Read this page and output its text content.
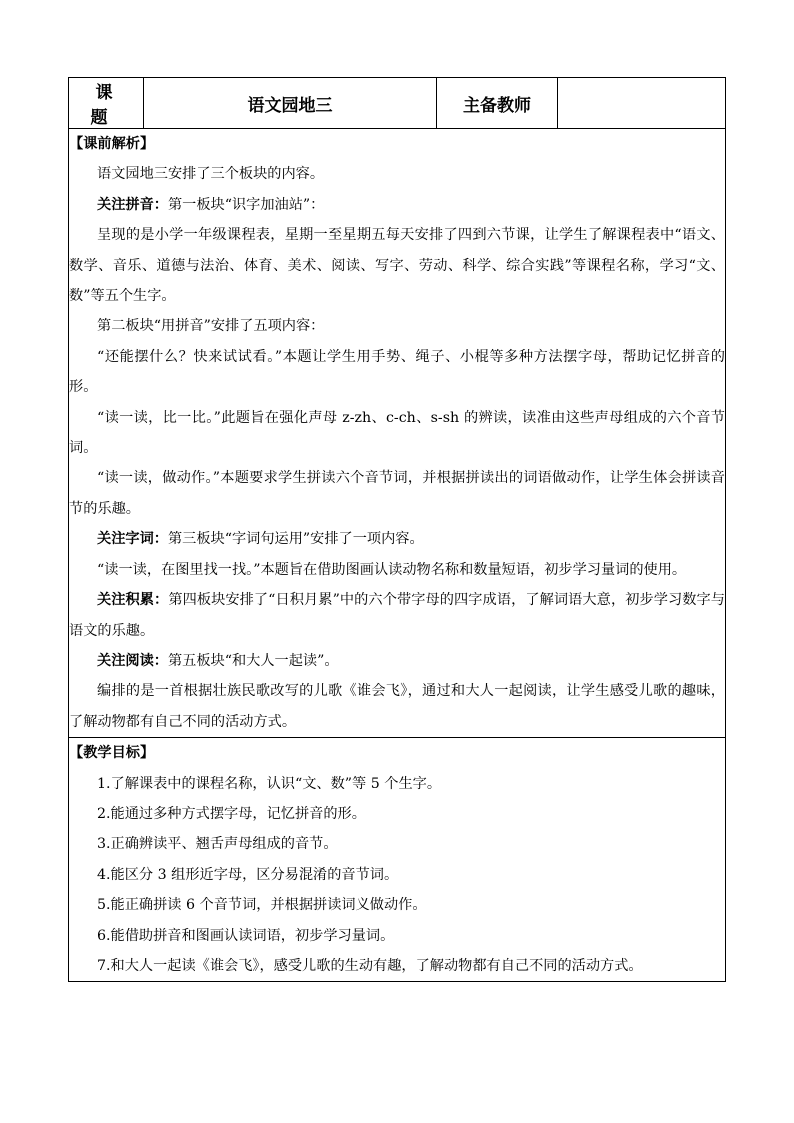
课 题	语文园地三	主备教师	

【课前解析】

语文园地三安排了三个板块的内容。

关注拼音：第一板块“识字加油站”：

呈现的是小学一年级课程表，星期一至星期五每天安排了四到六节课，让学生了解课程表中“语文、数学、音乐、道德与法治、体育、美术、阅读、写字、劳动、科学、综合实践”等课程名称，学习“文、数”等五个生字。

第二板块“用拼音”安排了五项内容：

“还能摆什么？快来试试看。”本题让学生用手势、绳子、小棍等多种方法摆字母，帮助记忆拼音的形。

“读一读，比一比。”此题旨在强化声母 z-zh、c-ch、s-sh 的辨读，读准由这些声母组成的六个音节词。

“读一读，做动作。”本题要求学生拼读六个音节词，并根据拼读出的词语做动作，让学生体会拼读音节的乐趣。

关注字词：第三板块“字词句运用”安排了一项内容。

“读一读，在图里找一找。”本题旨在借助图画认读动物名称和数量短语，初步学习量词的使用。

关注积累：第四板块安排了“日积月累”中的六个带字母的四字成语，了解词语大意，初步学习数字与语文的乐趣。

关注阅读：第五板块“和大人一起读”。

编排的是一首根据壮族民歌改写的儿歌《谁会飞》，通过和大人一起阅读，让学生感受儿歌的趣味，了解动物都有自己不同的活动方式。

【教学目标】

1.了解课表中的课程名称，认识“文、数”等 5 个生字。

2.能通过多种方式摆字母，记忆拼音的形。

3.正确辨读平、翘舌声母组成的音节。

4.能区分 3 组形近字母，区分易混淆的音节词。

5.能正确拼读 6 个音节词，并根据拼读词义做动作。

6.能借助拼音和图画认读词语，初步学习量词。

7.和大人一起读《谁会飞》，感受儿歌的生动有趣，了解动物都有自己不同的活动方式。
